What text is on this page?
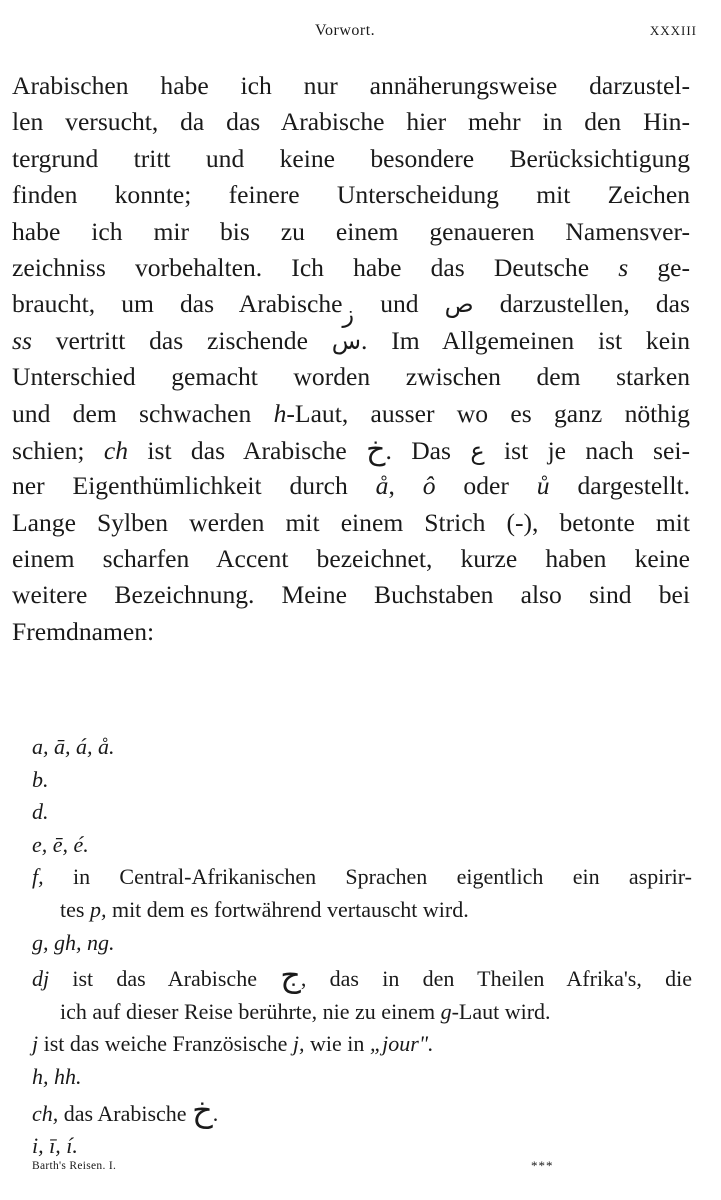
Vorwort.	XXXIII
Arabischen habe ich nur annäherungsweise darzustel-
len versucht, da das Arabische hier mehr in den Hin-
tergrund tritt und keine besondere Berücksichtigung
finden konnte; feinere Unterscheidung mit Zeichen
habe ich mir bis zu einem genaueren Namensver-
zeichniss vorbehalten. Ich habe das Deutsche s ge-
braucht, um das Arabischeز und ص darzustellen, das
ss vertritt das zischende س. Im Allgemeinen ist kein
Unterschied gemacht worden zwischen dem starken
und dem schwachen h-Laut, ausser wo es ganz nöthig
schien; ch ist das Arabische خ. Das ع ist je nach sei-
ner Eigenthümlichkeit durch å, ô oder ů dargestellt.
Lange Sylben werden mit einem Strich (-), betonte mit
einem scharfen Accent bezeichnet, kurze haben keine
weitere Bezeichnung. Meine Buchstaben also sind bei
Fremdnamen:
a, ā, á, å.
b.
d.
e, ē, é.
f, in Central-Afrikanischen Sprachen eigentlich ein aspirir-
tes p, mit dem es fortwährend vertauscht wird.
g, gh, ng.
dj ist das Arabische ج, das in den Theilen Afrika's, die
ich auf dieser Reise berührte, nie zu einem g-Laut wird.
j ist das weiche Französische j, wie in „jour".
h, hh.
ch, das Arabische خ.
i, ī, í.
Barth's Reisen. I.	***
